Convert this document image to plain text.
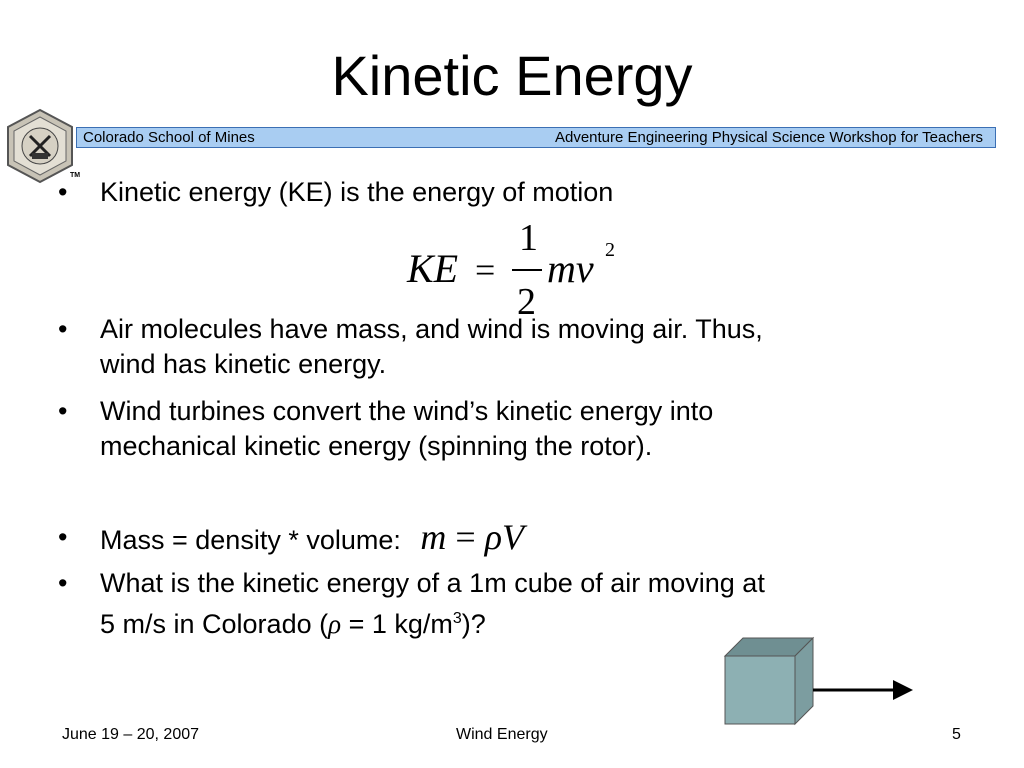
Kinetic Energy
TM
Colorado School of Mines	Adventure Engineering Physical Science Workshop for Teachers
•	Kinetic energy (KE) is the energy of motion
•	Air molecules have mass, and wind is moving air. Thus,
wind has kinetic energy.
•	Wind turbines convert the wind’s kinetic energy into
mechanical kinetic energy (spinning the rotor).
•	Mass = density * volume: m = ρV
•	What is the kinetic energy of a 1m cube of air moving at
5 m/s in Colorado (ρ = 1 $kg/m^3$)?
KE =
1
2
mv 2
June 19 – 20, 2007	Wind Energy	5
